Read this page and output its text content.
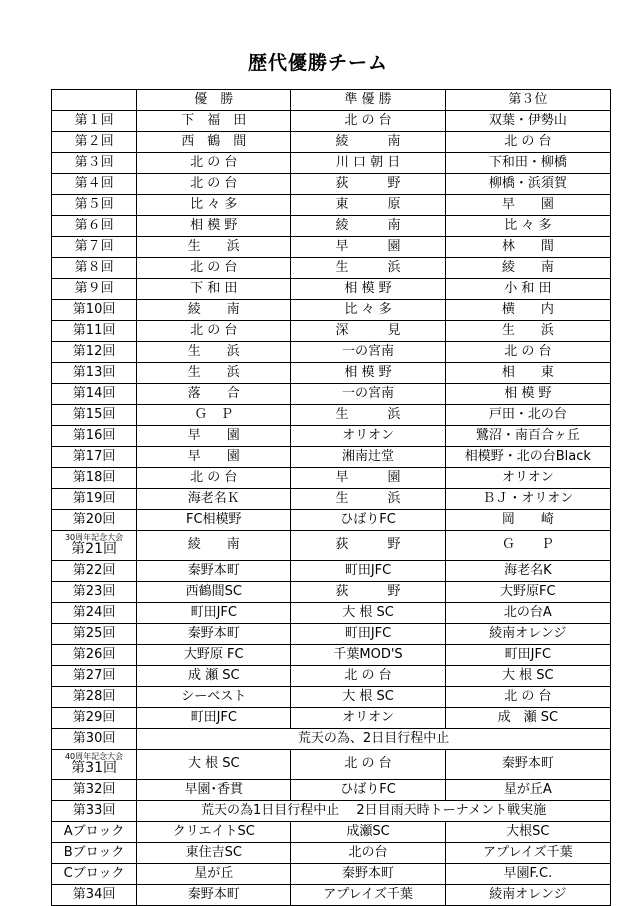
歴代優勝チーム
	優　勝	準 優 勝	第３位
第１回	下　福　田	北 の 台	双葉・伊勢山
第２回	西　鶴　間	綾　　　南	北 の 台
第３回	北 の 台	川 口 朝 日	下和田・柳橋
第４回	北 の 台	荻　　　野	柳橋・浜須賀
第５回	比 々 多	東　　　原	早　　園
第６回	相 模 野	綾　　　南	比 々 多
第７回	生　　浜	早　　　園	林　　間
第８回	北 の 台	生　　　浜	綾　　南
第９回	下 和 田	相 模 野	小 和 田
第10回	綾　　南	比 々 多	横　　内
第11回	北 の 台	深　　　見	生　　浜
第12回	生　　浜	一の宮南	北 の 台
第13回	生　　浜	相 模 野	相　　東
第14回	落　　合	一の宮南	相 模 野
第15回	Ｇ　Ｐ	生　　　浜	戸田・北の台
第16回	早　　園	オリオン	鷺沼・南百合ヶ丘
第17回	早　　園	湘南辻堂	相模野・北の台Black
第18回	北 の 台	早　　　園	オリオン
第19回	海老名Ｋ	生　　　浜	ＢＪ・オリオン
第20回	FC相模野	ひばりFC	岡　　崎

30周年記念大会
第21回	綾　　南	荻　　　野	Ｇ　　Ｐ
第22回	秦野本町	町田JFC	海老名K
第23回	西鶴間SC	荻　　　野	大野原FC
第24回	町田JFC	大 根 SC	北の台A
第25回	秦野本町	町田JFC	綾南オレンジ
第26回	大野原 FC	千葉MOD'S	町田JFC
第27回	成 瀬 SC	北 の 台	大 根 SC
第28回	シーベスト	大 根 SC	北 の 台
第29回	町田JFC	オリオン	成　瀬 SC
第30回	荒天の為、2日目行程中止		

40周年記念大会
第31回	大 根 SC	北 の 台	秦野本町
第32回	早園･香貫	ひばりFC	星が丘A
第33回	荒天の為1日目行程中止　 2日目雨天時トーナメント戦実施		
Aブロック	クリエイトSC	成瀬SC	大根SC
Bブロック	東住吉SC	北の台	アプレイズ千葉
Cブロック	星が丘	秦野本町	早園F.C.
第34回	秦野本町	アプレイズ千葉	綾南オレンジ
